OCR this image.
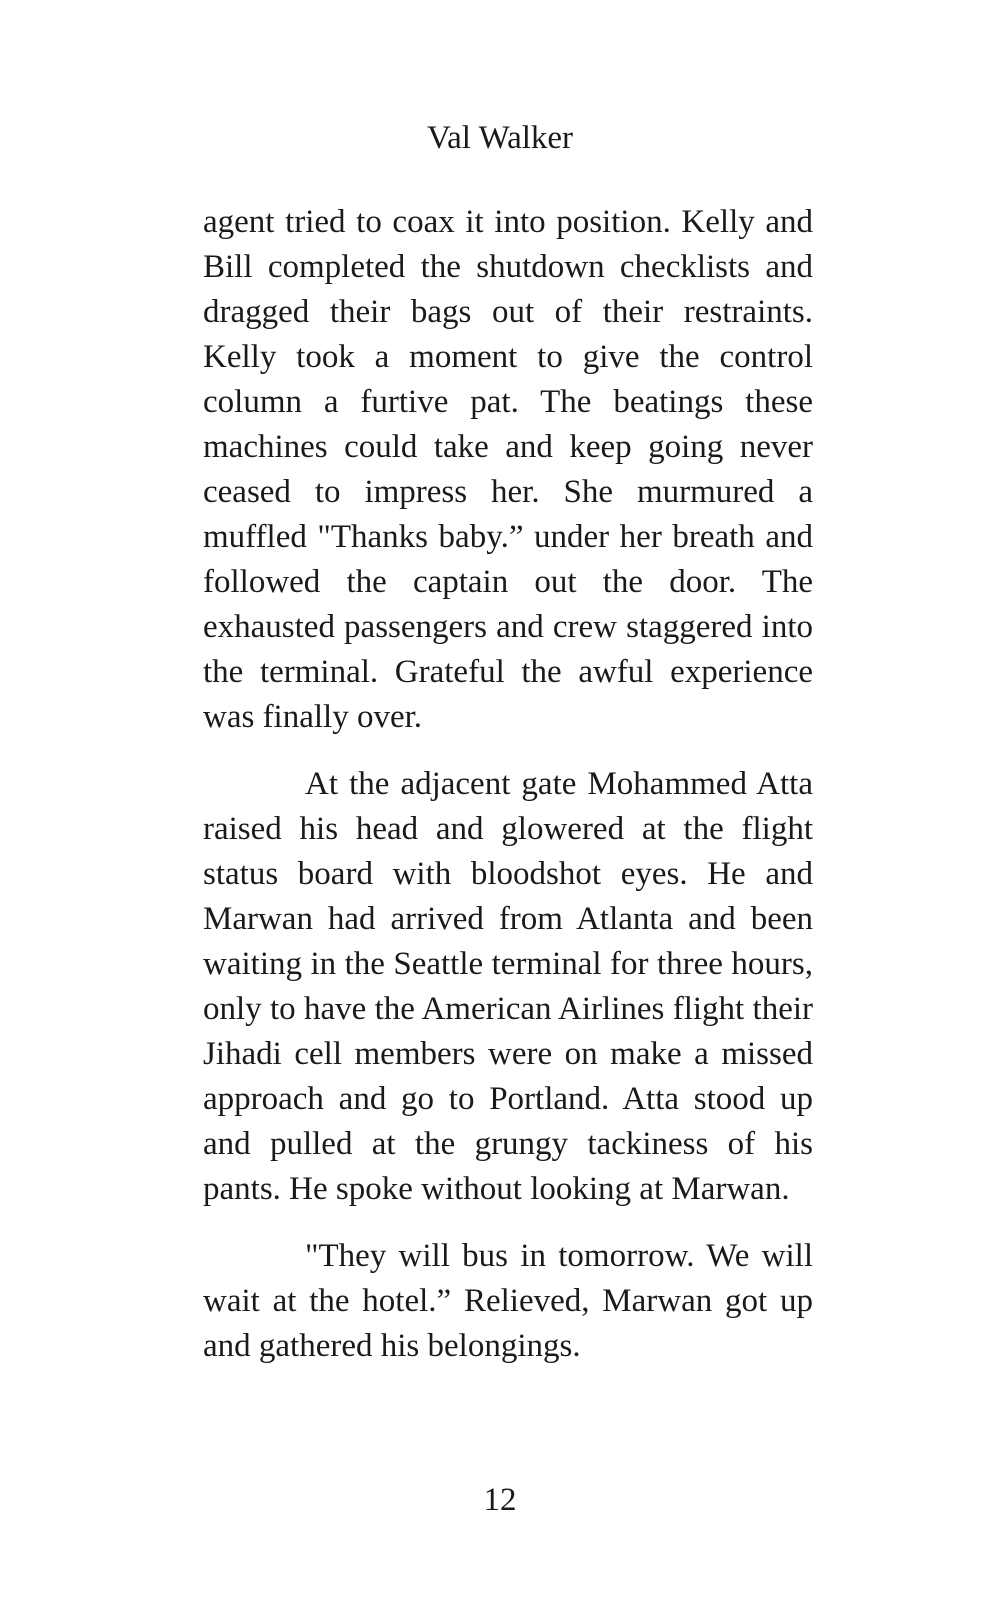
Val Walker

agent tried to coax it into position. Kelly and Bill completed the shutdown checklists and dragged their bags out of their restraints. Kelly took a moment to give the control column a furtive pat. The beatings these machines could take and keep going never ceased to impress her. She murmured a muffled "Thanks baby.” under her breath and followed the captain out the door. The exhausted passengers and crew staggered into the terminal. Grateful the awful experience was finally over.

At the adjacent gate Mohammed Atta raised his head and glowered at the flight status board with bloodshot eyes. He and Marwan had arrived from Atlanta and been waiting in the Seattle terminal for three hours, only to have the American Airlines flight their Jihadi cell members were on make a missed approach and go to Portland. Atta stood up and pulled at the grungy tackiness of his pants. He spoke without looking at Marwan.

"They will bus in tomorrow. We will wait at the hotel.” Relieved, Marwan got up and gathered his belongings.

12
